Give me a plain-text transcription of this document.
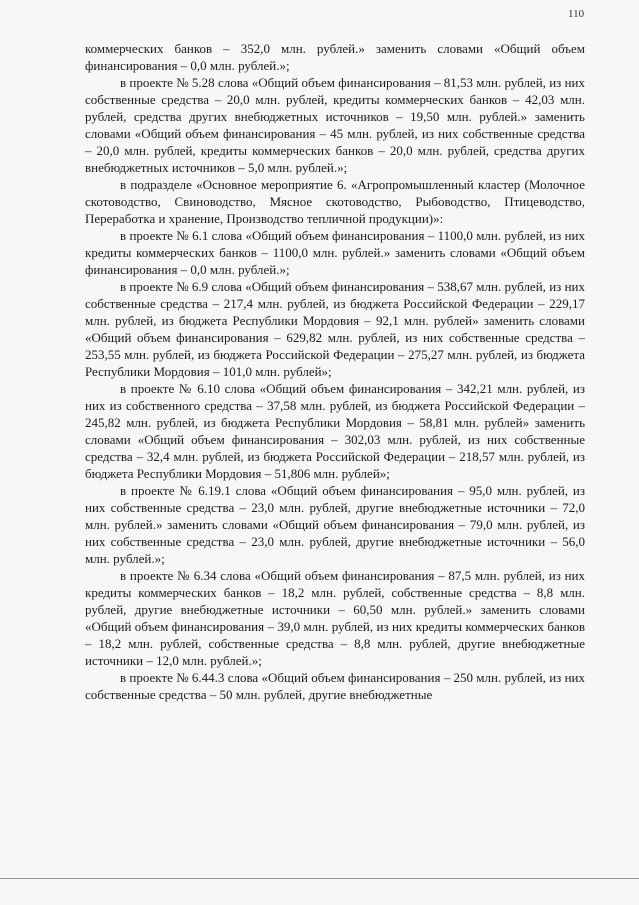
110

коммерческих банков – 352,0 млн. рублей.» заменить словами «Общий объем финансирования – 0,0 млн. рублей.»;

в проекте № 5.28 слова «Общий объем финансирования – 81,53 млн. рублей, из них собственные средства – 20,0 млн. рублей, кредиты коммерческих банков – 42,03 млн. рублей, средства других внебюджетных источников – 19,50 млн. рублей.» заменить словами «Общий объем финансирования – 45 млн. рублей, из них собственные средства – 20,0 млн. рублей, кредиты коммерческих банков – 20,0 млн. рублей, средства других внебюджетных источников – 5,0 млн. рублей.»;

в подразделе «Основное мероприятие 6. «Агропромышленный кластер (Молочное скотоводство, Свиноводство, Мясное скотоводство, Рыбоводство, Птицеводство, Переработка и хранение, Производство тепличной продукции)»:

в проекте № 6.1 слова «Общий объем финансирования – 1100,0 млн. рублей, из них кредиты коммерческих банков – 1100,0 млн. рублей.» заменить словами «Общий объем финансирования – 0,0 млн. рублей.»;

в проекте № 6.9 слова «Общий объем финансирования – 538,67 млн. рублей, из них собственные средства – 217,4 млн. рублей, из бюджета Российской Федерации – 229,17 млн. рублей, из бюджета Республики Мордовия – 92,1 млн. рублей» заменить словами «Общий объем финансирования – 629,82 млн. рублей, из них собственные средства – 253,55 млн. рублей, из бюджета Российской Федерации – 275,27 млн. рублей, из бюджета Республики Мордовия – 101,0 млн. рублей»;

в проекте № 6.10 слова «Общий объем финансирования – 342,21 млн. рублей, из них из собственного средства – 37,58 млн. рублей, из бюджета Российской Федерации – 245,82 млн. рублей, из бюджета Республики Мордовия – 58,81 млн. рублей» заменить словами «Общий объем финансирования – 302,03 млн. рублей, из них собственные средства – 32,4 млн. рублей, из бюджета Российской Федерации – 218,57 млн. рублей, из бюджета Республики Мордовия – 51,806 млн. рублей»;

в проекте № 6.19.1 слова «Общий объем финансирования – 95,0 млн. рублей, из них собственные средства – 23,0 млн. рублей, другие внебюджетные источники – 72,0 млн. рублей.» заменить словами «Общий объем финансирования – 79,0 млн. рублей, из них собственные средства – 23,0 млн. рублей, другие внебюджетные источники – 56,0 млн. рублей.»;

в проекте № 6.34 слова «Общий объем финансирования – 87,5 млн. рублей, из них кредиты коммерческих банков – 18,2 млн. рублей, собственные средства – 8,8 млн. рублей, другие внебюджетные источники – 60,50 млн. рублей.» заменить словами «Общий объем финансирования – 39,0 млн. рублей, из них кредиты коммерческих банков – 18,2 млн. рублей, собственные средства – 8,8 млн. рублей, другие внебюджетные источники – 12,0 млн. рублей.»;

в проекте № 6.44.3 слова «Общий объем финансирования – 250 млн. рублей, из них собственные средства – 50 млн. рублей, другие внебюджетные
